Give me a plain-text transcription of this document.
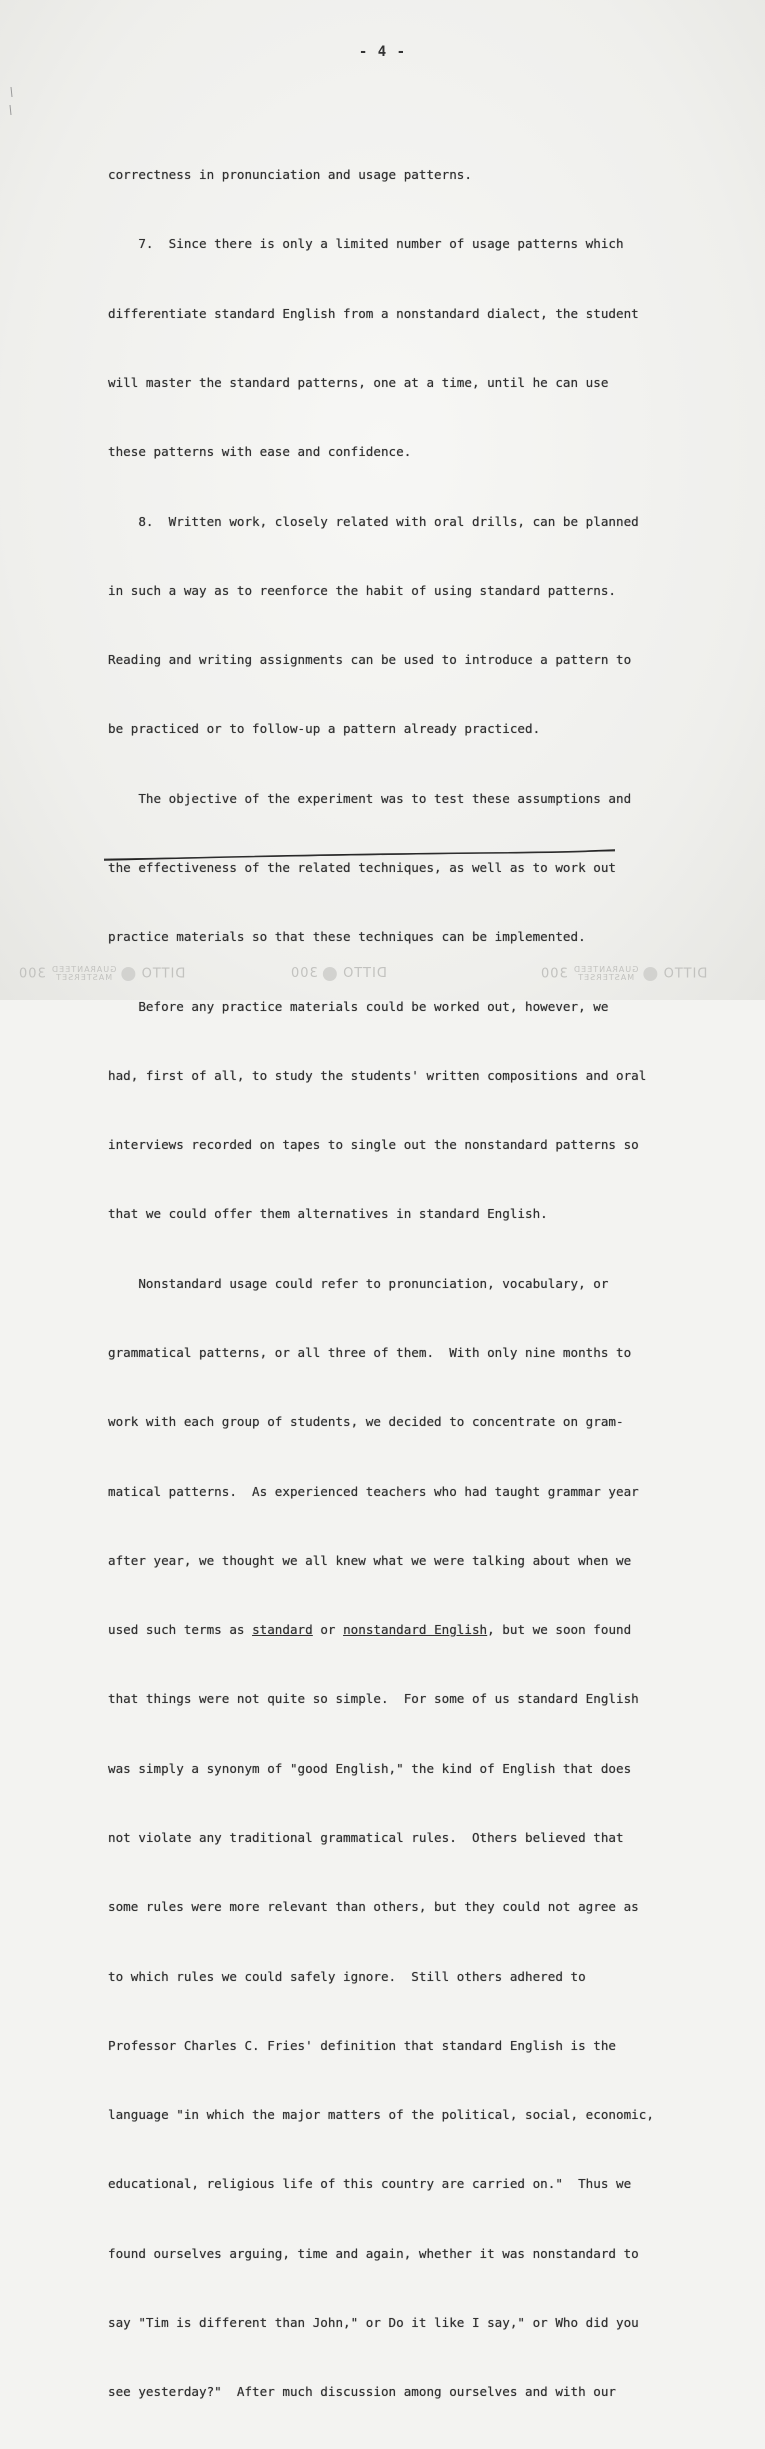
- 4 -

correctness in pronunciation and usage patterns.

7.  Since there is only a limited number of usage patterns which

differentiate standard English from a nonstandard dialect, the student

will master the standard patterns, one at a time, until he can use

these patterns with ease and confidence.

8.  Written work, closely related with oral drills, can be planned

in such a way as to reenforce the habit of using standard patterns.

Reading and writing assignments can be used to introduce a pattern to

be practiced or to follow-up a pattern already practiced.

The objective of the experiment was to test these assumptions and

the effectiveness of the related techniques, as well as to work out

practice materials so that these techniques can be implemented.

Before any practice materials could be worked out, however, we

had, first of all, to study the students' written compositions and oral

interviews recorded on tapes to single out the nonstandard patterns so

that we could offer them alternatives in standard English.

Nonstandard usage could refer to pronunciation, vocabulary, or

grammatical patterns, or all three of them.  With only nine months to

work with each group of students, we decided to concentrate on gram-

matical patterns.  As experienced teachers who had taught grammar year

after year, we thought we all knew what we were talking about when we

used such terms as standard or nonstandard English, but we soon found

that things were not quite so simple.  For some of us standard English

was simply a synonym of "good English," the kind of English that does

not violate any traditional grammatical rules.  Others believed that

some rules were more relevant than others, but they could not agree as

to which rules we could safely ignore.  Still others adhered to

Professor Charles C. Fries' definition that standard English is the

language "in which the major matters of the political, social, economic,

educational, religious life of this country are carried on."  Thus we

found ourselves arguing, time and again, whether it was nonstandard to

say "Tim is different than John," or Do it like I say," or Who did you

see yesterday?"  After much discussion among ourselves and with our

DITTO  GUARANTEED
MASTERSET 300	DITTO  300	DITTO  GUARANTEED
MASTERSET 300
